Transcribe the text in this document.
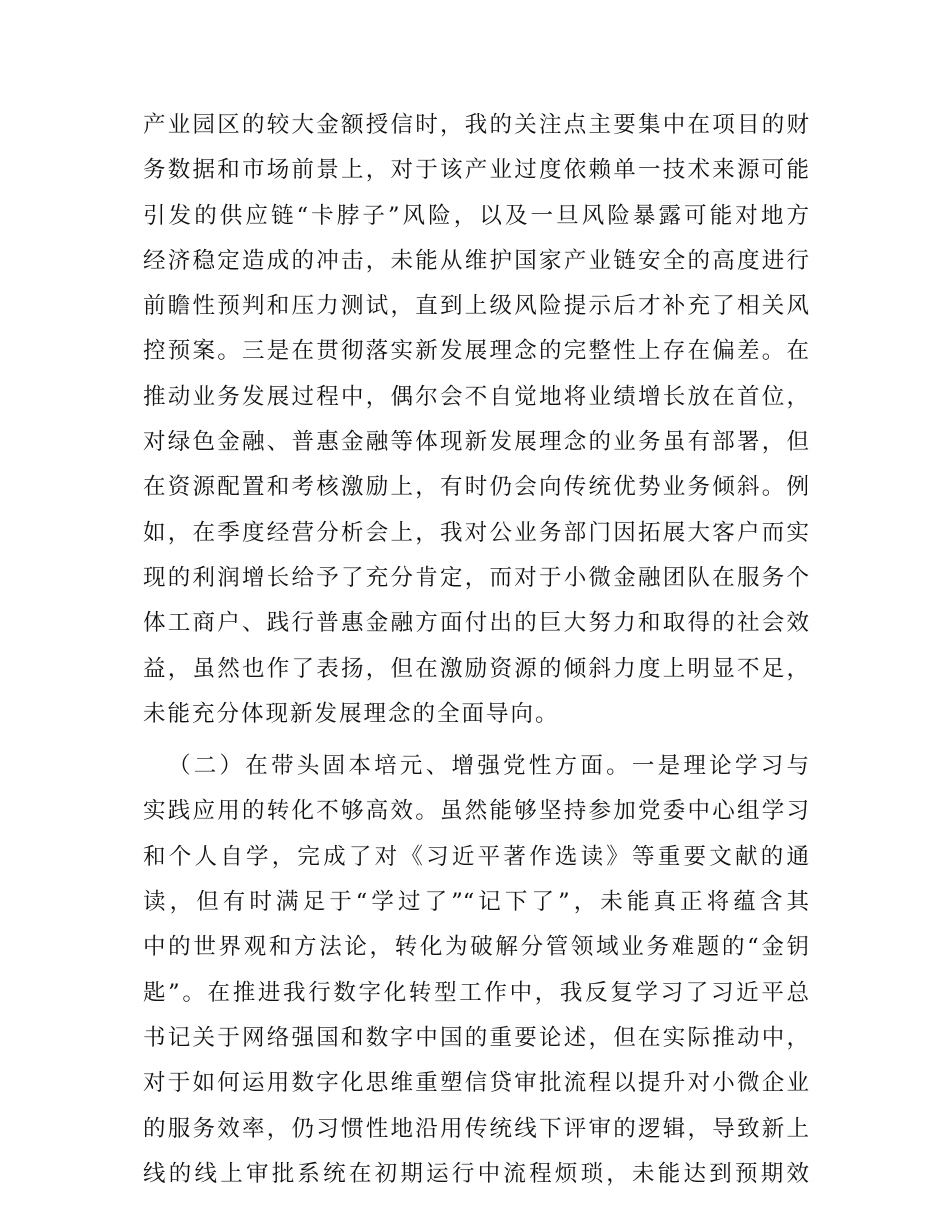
产业园区的较大金额授信时，我的关注点主要集中在项目的财
务数据和市场前景上，对于该产业过度依赖单一技术来源可能
引发的供应链“卡脖子”风险，以及一旦风险暴露可能对地方
经济稳定造成的冲击，未能从维护国家产业链安全的高度进行
前瞻性预判和压力测试，直到上级风险提示后才补充了相关风
控预案。三是在贯彻落实新发展理念的完整性上存在偏差。在
推动业务发展过程中，偶尔会不自觉地将业绩增长放在首位，
对绿色金融、普惠金融等体现新发展理念的业务虽有部署，但
在资源配置和考核激励上，有时仍会向传统优势业务倾斜。例
如，在季度经营分析会上，我对公业务部门因拓展大客户而实
现的利润增长给予了充分肯定，而对于小微金融团队在服务个
体工商户、践行普惠金融方面付出的巨大努力和取得的社会效
益，虽然也作了表扬，但在激励资源的倾斜力度上明显不足，
未能充分体现新发展理念的全面导向。
（二）在带头固本培元、增强党性方面。一是理论学习与
实践应用的转化不够高效。虽然能够坚持参加党委中心组学习
和个人自学，完成了对《习近平著作选读》等重要文献的通
读，但有时满足于“学过了”“记下了”，未能真正将蕴含其
中的世界观和方法论，转化为破解分管领域业务难题的“金钥
匙”。在推进我行数字化转型工作中，我反复学习了习近平总
书记关于网络强国和数字中国的重要论述，但在实际推动中，
对于如何运用数字化思维重塑信贷审批流程以提升对小微企业
的服务效率，仍习惯性地沿用传统线下评审的逻辑，导致新上
线的线上审批系统在初期运行中流程烦琐，未能达到预期效
